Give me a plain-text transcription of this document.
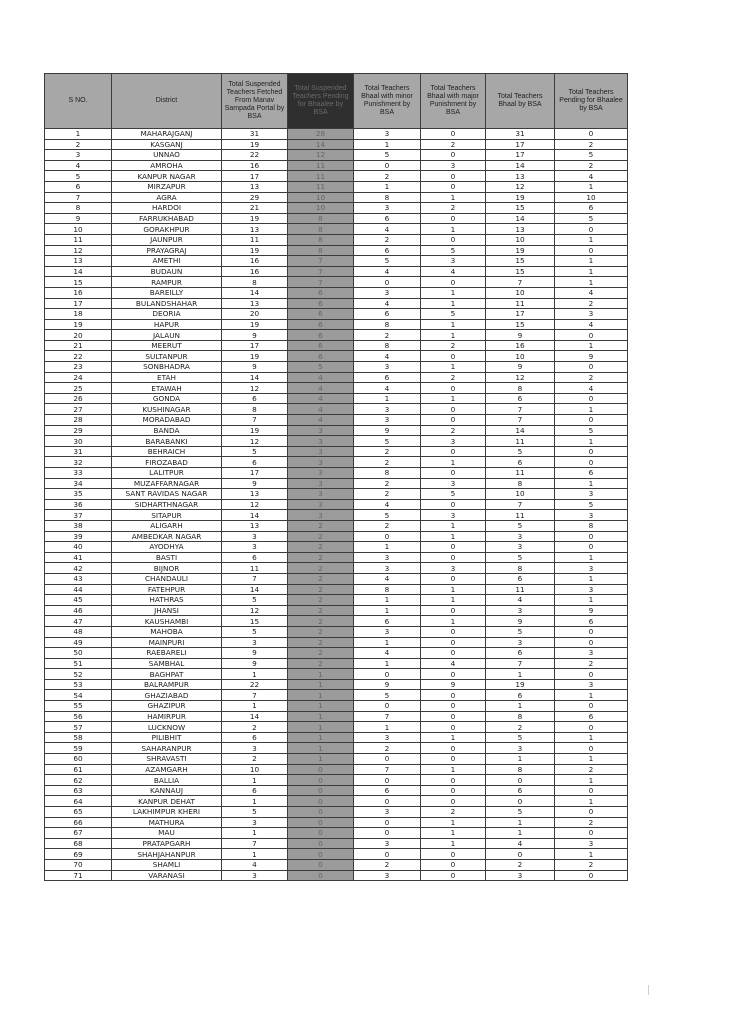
S NO.	District	Total Suspended Teachers Fetched From Manav Sampada Portal by BSA	Total Suspended Teachers Pending for Bhaalee by BSA	Total Teachers Bhaal with minor Punishment by BSA	Total Teachers Bhaal with major Punishment by BSA	Total Teachers Bhaal by BSA	Total Teachers Pending for Bhaalee by BSA
1	MAHARAJGANJ	31	28	3	0	31	0
2	KASGANJ	19	14	1	2	17	2
3	UNNAO	22	12	5	0	17	5
4	AMROHA	16	11	0	3	14	2
5	KANPUR NAGAR	17	11	2	0	13	4
6	MIRZAPUR	13	11	1	0	12	1
7	AGRA	29	10	8	1	19	10
8	HARDOI	21	10	3	2	15	6
9	FARRUKHABAD	19	8	6	0	14	5
10	GORAKHPUR	13	8	4	1	13	0
11	JAUNPUR	11	8	2	0	10	1
12	PRAYAGRAJ	19	8	6	5	19	0
13	AMETHI	16	7	5	3	15	1
14	BUDAUN	16	7	4	4	15	1
15	RAMPUR	8	7	0	0	7	1
16	BAREILLY	14	6	3	1	10	4
17	BULANDSHAHAR	13	6	4	1	11	2
18	DEORIA	20	6	6	5	17	3
19	HAPUR	19	6	8	1	15	4
20	JALAUN	9	6	2	1	9	0
21	MEERUT	17	6	8	2	16	1
22	SULTANPUR	19	6	4	0	10	9
23	SONBHADRA	9	5	3	1	9	0
24	ETAH	14	4	6	2	12	2
25	ETAWAH	12	4	4	0	8	4
26	GONDA	6	4	1	1	6	0
27	KUSHINAGAR	8	4	3	0	7	1
28	MORADABAD	7	4	3	0	7	0
29	BANDA	19	3	9	2	14	5
30	BARABANKI	12	3	5	3	11	1
31	BEHRAICH	5	3	2	0	5	0
32	FIROZABAD	6	3	2	1	6	0
33	LALITPUR	17	3	8	0	11	6
34	MUZAFFARNAGAR	9	3	2	3	8	1
35	SANT RAVIDAS NAGAR	13	3	2	5	10	3
36	SIDHARTHNAGAR	12	3	4	0	7	5
37	SITAPUR	14	3	5	3	11	3
38	ALIGARH	13	2	2	1	5	8
39	AMBEDKAR NAGAR	3	2	0	1	3	0
40	AYODHYA	3	2	1	0	3	0
41	BASTI	6	2	3	0	5	1
42	BIJNOR	11	2	3	3	8	3
43	CHANDAULI	7	2	4	0	6	1
44	FATEHPUR	14	2	8	1	11	3
45	HATHRAS	5	2	1	1	4	1
46	JHANSI	12	2	1	0	3	9
47	KAUSHAMBI	15	2	6	1	9	6
48	MAHOBA	5	2	3	0	5	0
49	MAINPURI	3	2	1	0	3	0
50	RAEBARELI	9	2	4	0	6	3
51	SAMBHAL	9	2	1	4	7	2
52	BAGHPAT	1	1	0	0	1	0
53	BALRAMPUR	22	1	9	9	19	3
54	GHAZIABAD	7	1	5	0	6	1
55	GHAZIPUR	1	1	0	0	1	0
56	HAMIRPUR	14	1	7	0	8	6
57	LUCKNOW	2	1	1	0	2	0
58	PILIBHIT	6	1	3	1	5	1
59	SAHARANPUR	3	1	2	0	3	0
60	SHRAVASTI	2	1	0	0	1	1
61	AZAMGARH	10	0	7	1	8	2
62	BALLIA	1	0	0	0	0	1
63	KANNAUJ	6	0	6	0	6	0
64	KANPUR DEHAT	1	0	0	0	0	1
65	LAKHIMPUR KHERI	5	0	3	2	5	0
66	MATHURA	3	0	0	1	1	2
67	MAU	1	0	0	1	1	0
68	PRATAPGARH	7	0	3	1	4	3
69	SHAHJAHANPUR	1	0	0	0	0	1
70	SHAMLI	4	0	2	0	2	2
71	VARANASI	3	0	3	0	3	0
